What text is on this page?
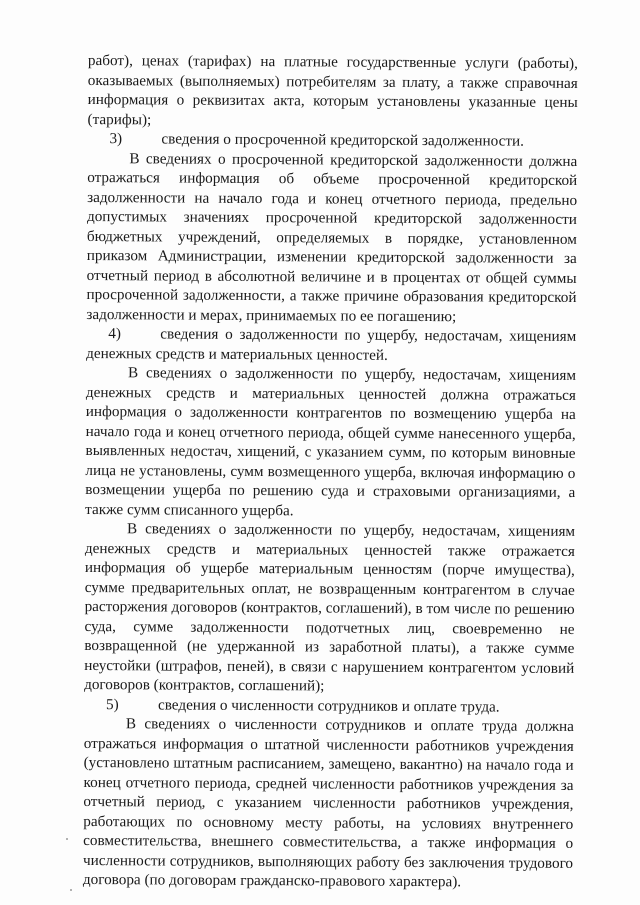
работ), ценах (тарифах) на платные государственные услуги (работы), оказываемых (выполняемых) потребителям за плату, а также справочная информация о реквизитах акта, которым установлены указанные цены (тарифы);

3)	сведения о просроченной кредиторской задолженности.

В сведениях о просроченной кредиторской задолженности должна отражаться информация об объеме просроченной кредиторской задолженности на начало года и конец отчетного периода, предельно допустимых значениях просроченной кредиторской задолженности бюджетных учреждений, определяемых в порядке, установленном приказом Администрации, изменении кредиторской задолженности за отчетный период в абсолютной величине и в процентах от общей суммы просроченной задолженности, а также причине образования кредиторской задолженности и мерах, принимаемых по ее погашению;

4)	сведения о задолженности по ущербу, недостачам, хищениям денежных средств и материальных ценностей.

В сведениях о задолженности по ущербу, недостачам, хищениям денежных средств и материальных ценностей должна отражаться информация о задолженности контрагентов по возмещению ущерба на начало года и конец отчетного периода, общей сумме нанесенного ущерба, выявленных недостач, хищений, с указанием сумм, по которым виновные лица не установлены, сумм возмещенного ущерба, включая информацию о возмещении ущерба по решению суда и страховыми организациями, а также сумм списанного ущерба.

В сведениях о задолженности по ущербу, недостачам, хищениям денежных средств и материальных ценностей также отражается информация об ущербе материальным ценностям (порче имущества), сумме предварительных оплат, не возвращенным контрагентом в случае расторжения договоров (контрактов, соглашений), в том числе по решению суда, сумме задолженности подотчетных лиц, своевременно не возвращенной (не удержанной из заработной платы), а также сумме неустойки (штрафов, пеней), в связи с нарушением контрагентом условий договоров (контрактов, соглашений);

5)	сведения о численности сотрудников и оплате труда.

В сведениях о численности сотрудников и оплате труда должна отражаться информация о штатной численности работников учреждения (установлено штатным расписанием, замещено, вакантно) на начало года и конец отчетного периода, средней численности работников учреждения за отчетный период, с указанием численности работников учреждения, работающих по основному месту работы, на условиях внутреннего совместительства, внешнего совместительства, а также информация о численности сотрудников, выполняющих работу без заключения трудового договора (по договорам гражданско-правового характера).
